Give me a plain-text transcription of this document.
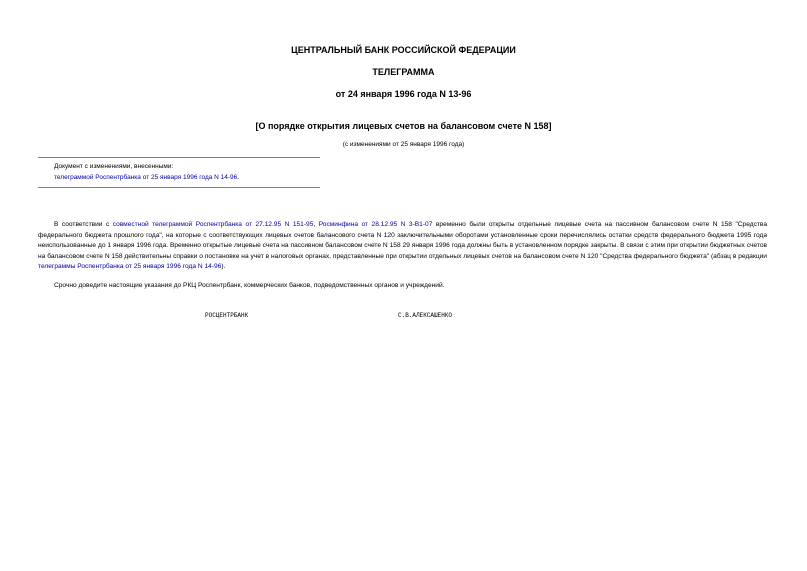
ЦЕНТРАЛЬНЫЙ БАНК РОССИЙСКОЙ ФЕДЕРАЦИИ
ТЕЛЕГРАММА
от 24 января 1996 года N 13-96
[О порядке открытия лицевых счетов на балансовом счете N 158]
(с изменениями от 25 января 1996 года)
Документ с изменениями, внесенными:
телеграммой Роспентрбанка от 25 января 1996 года N 14-96.
В соответствии с совместной телеграммой Роспентрбанка от 27.12.95 N 151-95, Росминфина от 28.12.95 N 3-В1-07 временно были открыты отдельные лицевые счета на пассивном балансовом счете N 158 "Средства федерального бюджета прошлого года", на которые с соответствующих лицевых счетов балансового счета N 120 заключительными оборотами установленные сроки перечислялись остатки средств федерального бюджета 1995 года неиспользованные до 1 января 1996 года. Временно открытые лицевые счета на пассивном балансовом счете N 158 29 января 1996 года должны быть в установленном порядке закрыты. В связи с этим при открытии бюджетных счетов на балансовом счете N 158 действительны справки о постановке на учет в налоговых органах, представленные при открытии отдельных лицевых счетов на балансовом счете N 120 "Средства федерального бюджета" (абзац в редакции телеграммы Роспентрбанка от 25 января 1996 года N 14-96).
Срочно доведите настоящие указания до РКЦ Роспентрбанк, коммерческих банков, подведомственных органов и учреждений.
РОСЦЕНТРБАНК	С.В.АЛЕКСАШЕНКО
